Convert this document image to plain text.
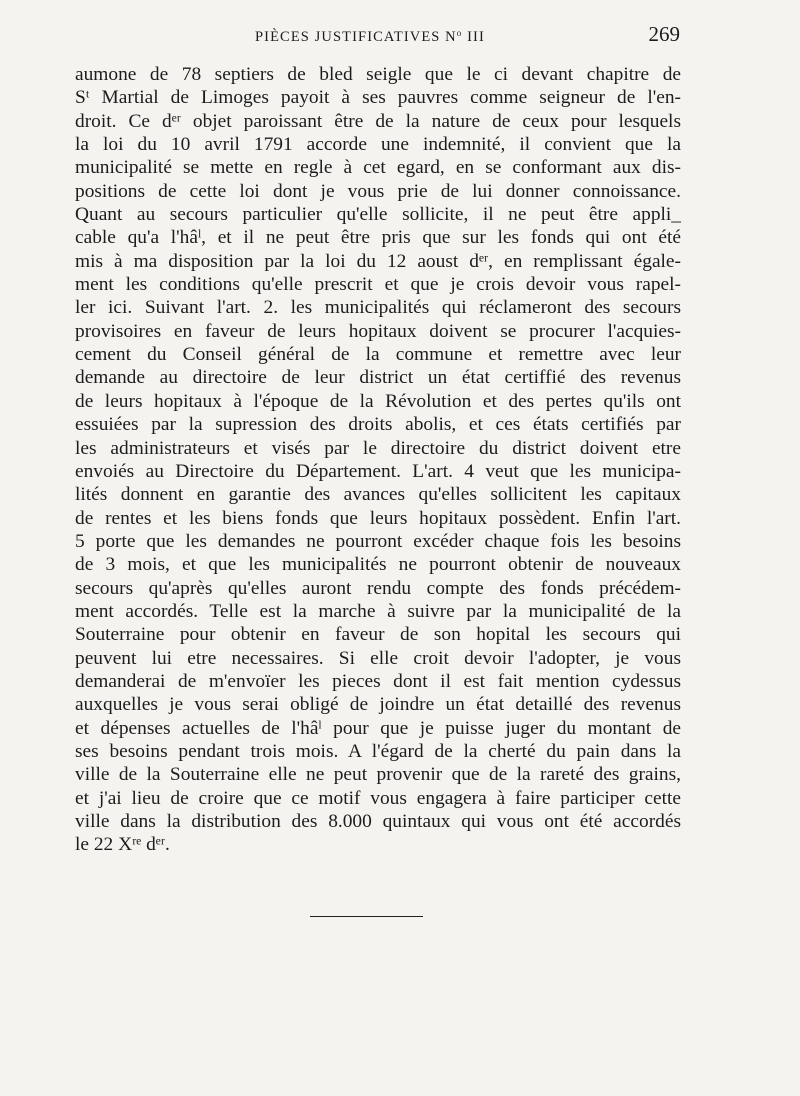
PIÈCES JUSTIFICATIVES $N^o$ III	269
aumone de 78 septiers de bled seigle que le ci devant chapitre de
Sᵗ Martial de Limoges payoit à ses pauvres comme seigneur de l'en-
droit. Ce dᵉʳ objet paroissant être de la nature de ceux pour lesquels
la loi du 10 avril 1791 accorde une indemnité, il convient que la
municipalité se mette en regle à cet egard, en se conformant aux dis-
positions de cette loi dont je vous prie de lui donner connoissance.
Quant au secours particulier qu'elle sollicite, il ne peut être appli_
cable qu'a l'hâˡ, et il ne peut être pris que sur les fonds qui ont été
mis à ma disposition par la loi du 12 aoust dᵉʳ, en remplissant égale-
ment les conditions qu'elle prescrit et que je crois devoir vous rapel-
ler ici. Suivant l'art. 2. les municipalités qui réclameront des secours
provisoires en faveur de leurs hopitaux doivent se procurer l'acquies-
cement du Conseil général de la commune et remettre avec leur
demande au directoire de leur district un état certiffié des revenus
de leurs hopitaux à l'époque de la Révolution et des pertes qu'ils ont
essuiées par la supression des droits abolis, et ces états certifiés par
les administrateurs et visés par le directoire du district doivent etre
envoiés au Directoire du Département. L'art. 4 veut que les municipa-
lités donnent en garantie des avances qu'elles sollicitent les capitaux
de rentes et les biens fonds que leurs hopitaux possèdent. Enfin l'art.
5 porte que les demandes ne pourront excéder chaque fois les besoins
de 3 mois, et que les municipalités ne pourront obtenir de nouveaux
secours qu'après qu'elles auront rendu compte des fonds précédem-
ment accordés. Telle est la marche à suivre par la municipalité de la
Souterraine pour obtenir en faveur de son hopital les secours qui
peuvent lui etre necessaires. Si elle croit devoir l'adopter, je vous
demanderai de m'envoïer les pieces dont il est fait mention cydessus
auxquelles je vous serai obligé de joindre un état detaillé des revenus
et dépenses actuelles de l'hâˡ pour que je puisse juger du montant de
ses besoins pendant trois mois. A l'égard de la cherté du pain dans la
ville de la Souterraine elle ne peut provenir que de la rareté des grains,
et j'ai lieu de croire que ce motif vous engagera à faire participer cette
ville dans la distribution des 8.000 quintaux qui vous ont été accordés
le 22 Xʳᵉ dᵉʳ.
